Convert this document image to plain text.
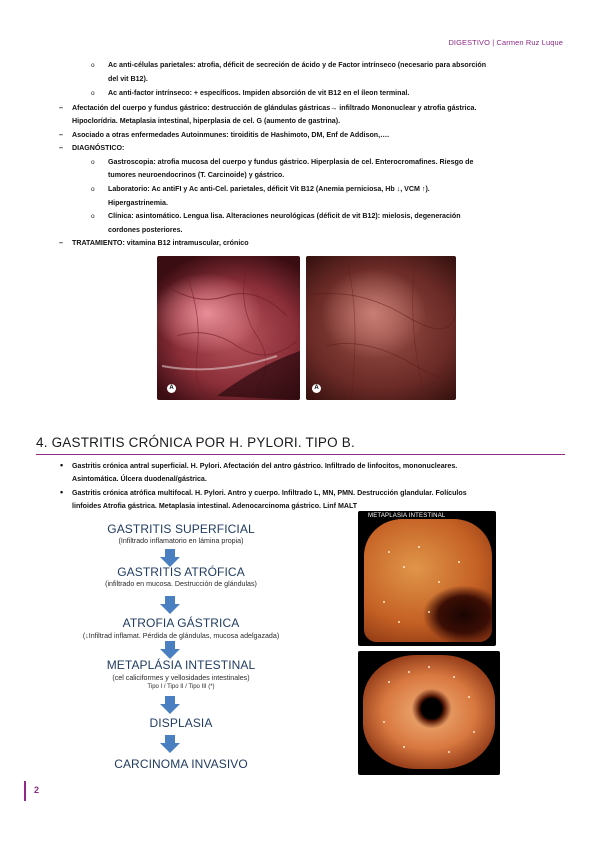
DIGESTIVO | Carmen Ruz Luque
o Ac anti-células parietales: atrofia, déficit de secreción de ácido y de Factor intrínseco (necesario para absorción
del vit B12).
o Ac anti-factor intrínseco: + específicos. Impiden absorción de vit B12 en el íleon terminal.
– Afectación del cuerpo y fundus gástrico: destrucción de glándulas gástricas→ infiltrado Mononuclear y atrofia gástrica.
Hipoclorídria. Metaplasia intestinal, hiperplasia de cel. G (aumento de gastrina).
– Asociado a otras enfermedades Autoinmunes: tiroiditis de Hashimoto, DM, Enf de Addison,….
– DIAGNÓSTICO:
o Gastroscopia: atrofia mucosa del cuerpo y fundus gástrico. Hiperplasia de cel. Enterocromafines. Riesgo de
tumores neuroendocrinos (T. Carcinoide) y gástrico.
o Laboratorio: Ac antiFI y Ac anti-Cel. parietales, déficit Vit B12 (Anemia perniciosa, Hb ↓, VCM ↑).
Hipergastrinemia.
o Clínica: asintomático. Lengua lisa. Alteraciones neurológicas (déficit de vit B12): mielosis, degeneración
cordones posteriores.
– TRATAMIENTO: vitamina B12 intramuscular, crónico
A	A
4. GASTRITIS CRÓNICA POR H. PYLORI. TIPO B.
• Gastritis crónica antral superficial. H. Pylori. Afectación del antro gástrico. Infiltrado de linfocitos, mononucleares.
Asintomática. Úlcera duodenal/gástrica.
• Gastritis crónica atrófica multifocal. H. Pylori. Antro y cuerpo. Infiltrado L, MN, PMN. Destrucción glandular. Folículos
linfoides Atrofia gástrica. Metaplasia intestinal. Adenocarcinoma gástrico. Linf MALT
GASTRITIS SUPERFICIAL
(Infiltrado inflamatorio en lámina propia)
GASTRITIS ATRÓFICA
(infiltrado en mucosa. Destrucción de glándulas)
ATROFIA GÁSTRICA
(↓Infiltrad inflamat. Pérdida de glándulas, mucosa adelgazada)
METAPLÁSIA INTESTINAL
(cel caliciformes y vellosidades intestinales)
Tipo I / Tipo II / Tipo III (*)
DISPLASIA
CARCINOMA INVASIVO
METAPLASIA INTESTINAL
2
